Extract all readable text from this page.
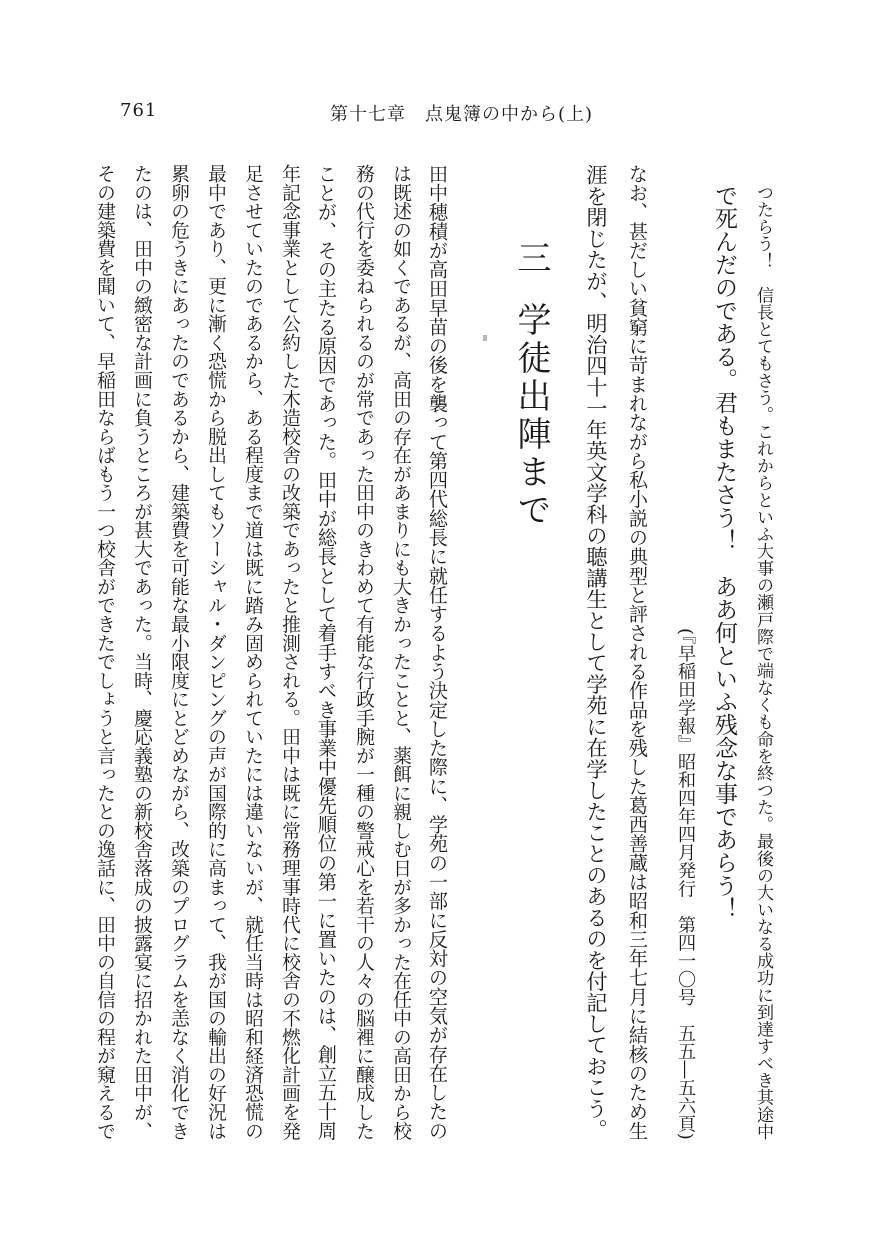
761	第十七章　点鬼簿の中から(上)
つたらう！　信長とてもさう。これからといふ大事の瀬戸際で端なくも命を終つた。最後の大いなる成功に到達すべき其途中
で死んだのである。君もまたさう！　ああ何といふ残念な事であらう！
(『早稲田学報』昭和四年四月発行　第四一〇号　五五―五六頁)
なお、甚だしい貧窮に苛まれながら私小説の典型と評される作品を残した葛西善蔵は昭和三年七月に結核のため生
涯を閉じたが、明治四十一年英文学科の聴講生として学苑に在学したことのあるのを付記しておこう。
三学徒出陣まで
田中穂積が高田早苗の後を襲って第四代総長に就任するよう決定した際に、学苑の一部に反対の空気が存在したの
は既述の如くであるが、高田の存在があまりにも大きかったことと、薬餌に親しむ日が多かった在任中の高田から校
務の代行を委ねられるのが常であった田中のきわめて有能な行政手腕が一種の警戒心を若干の人々の脳裡に醸成した
ことが、その主たる原因であった。田中が総長として着手すべき事業中優先順位の第一に置いたのは、創立五十周
年記念事業として公約した木造校舎の改築であったと推測される。田中は既に常務理事時代に校舎の不燃化計画を発
足させていたのであるから、ある程度まで道は既に踏み固められていたには違いないが、就任当時は昭和経済恐慌の
最中であり、更に漸く恐慌から脱出してもソーシャル・ダンピングの声が国際的に高まって、我が国の輸出の好況は
累卵の危うきにあったのであるから、建築費を可能な最小限度にとどめながら、改築のプログラムを恙なく消化でき
たのは、田中の緻密な計画に負うところが甚大であった。当時、慶応義塾の新校舎落成の披露宴に招かれた田中が、
その建築費を聞いて、早稲田ならばもう一つ校舎ができたでしょうと言ったとの逸話に、田中の自信の程が窺えるで
